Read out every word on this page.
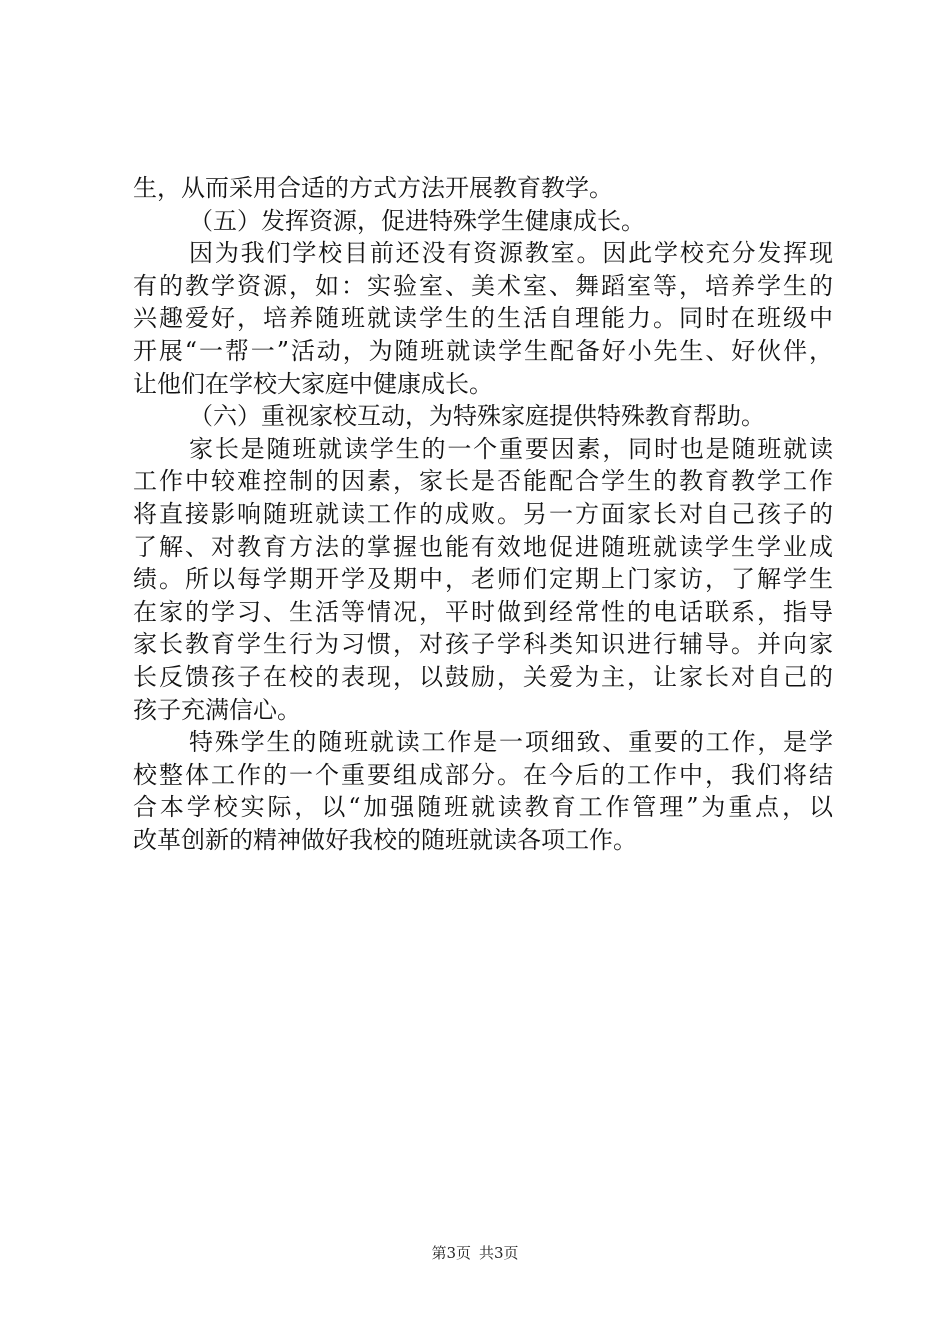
生，从而采用合适的方式方法开展教育教学。
（五）发挥资源，促进特殊学生健康成长。
因为我们学校目前还没有资源教室。因此学校充分发挥现
有的教学资源，如：实验室、美术室、舞蹈室等，培养学生的
兴趣爱好，培养随班就读学生的生活自理能力。同时在班级中
开展“一帮一”活动，为随班就读学生配备好小先生、好伙伴，
让他们在学校大家庭中健康成长。
（六）重视家校互动，为特殊家庭提供特殊教育帮助。
家长是随班就读学生的一个重要因素，同时也是随班就读
工作中较难控制的因素，家长是否能配合学生的教育教学工作
将直接影响随班就读工作的成败。另一方面家长对自己孩子的
了解、对教育方法的掌握也能有效地促进随班就读学生学业成
绩。所以每学期开学及期中，老师们定期上门家访，了解学生
在家的学习、生活等情况，平时做到经常性的电话联系，指导
家长教育学生行为习惯，对孩子学科类知识进行辅导。并向家
长反馈孩子在校的表现，以鼓励，关爱为主，让家长对自己的
孩子充满信心。
特殊学生的随班就读工作是一项细致、重要的工作，是学
校整体工作的一个重要组成部分。在今后的工作中，我们将结
合本学校实际，以“加强随班就读教育工作管理”为重点，以
改革创新的精神做好我校的随班就读各项工作。
第3页 共3页
